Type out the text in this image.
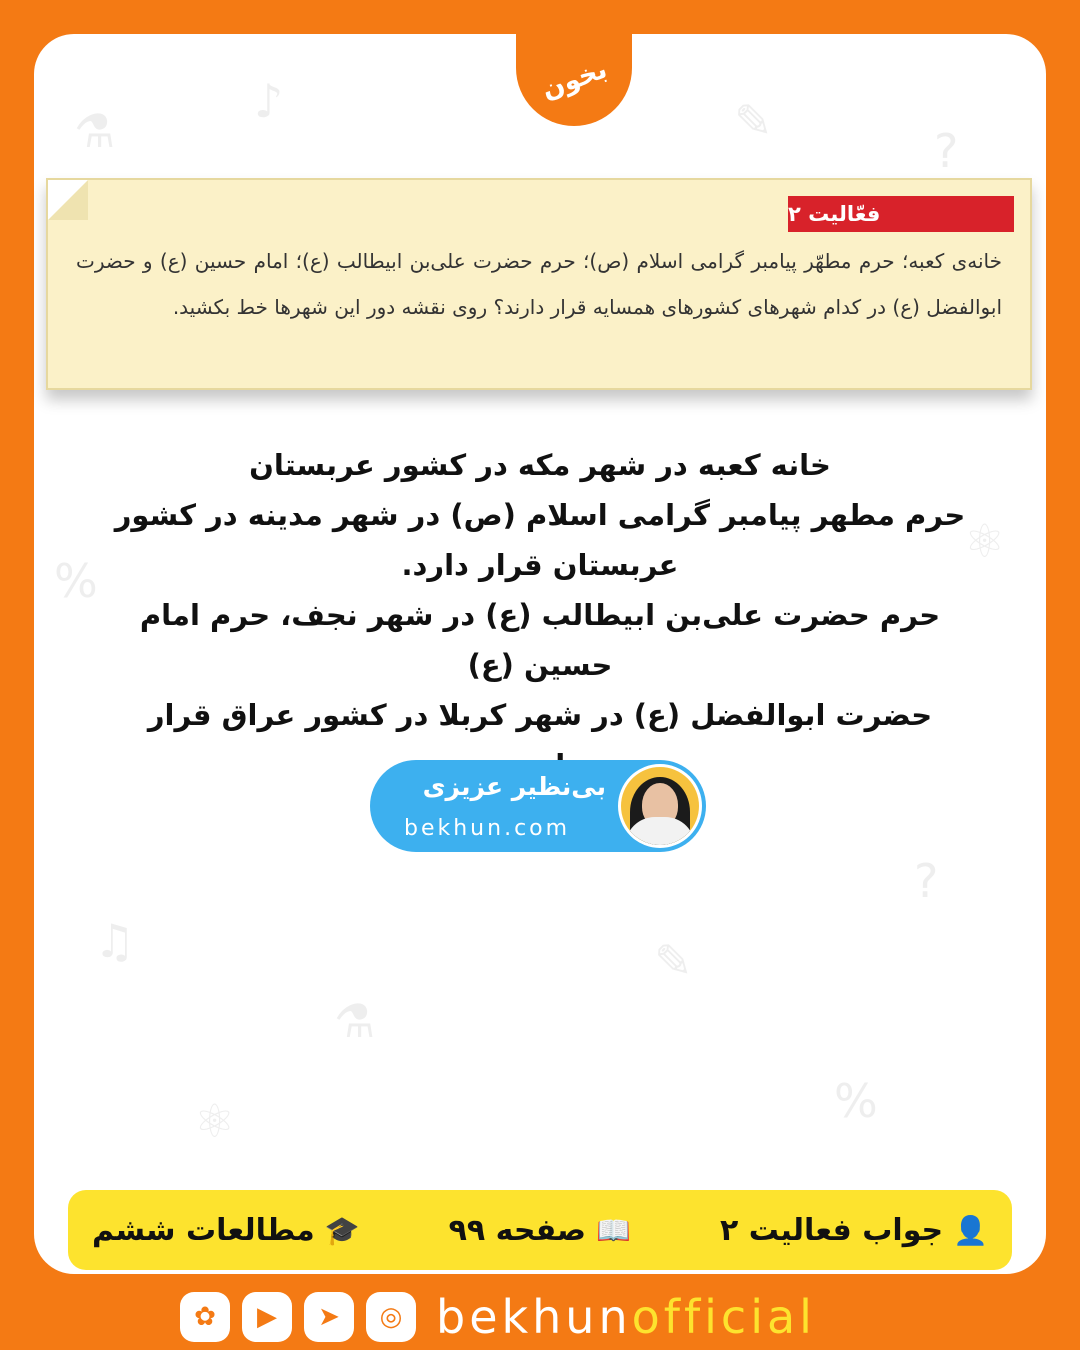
⚗
♪	✎
?
%
⚛
♫
⚗
✎
?
⚛	%
بخون
فعّالیت ۲
خانه‌ی کعبه؛ حرم مطهّر پیامبر گرامی اسلام (ص)؛ حرم حضرت علی‌بن ابیطالب (ع)؛ امام حسین (ع) و حضرت ابوالفضل (ع) در کدام شهرهای کشورهای همسایه قرار دارند؟ روی نقشه دور این شهرها خط بکشید.
خانه کعبه در شهر مکه در کشور عربستان
حرم مطهر پیامبر گرامی اسلام (ص) در شهر مدینه در کشور عربستان قرار دارد.
حرم حضرت علی‌بن ابیطالب (ع) در شهر نجف، حرم امام حسین (ع)
حضرت ابوالفضل (ع) در شهر کربلا در کشور عراق قرار
بی‌نظیر عزیزی
bekhun.com
👤
جواب فعالیت ۲
📖
صفحه ۹۹
🎓
مطالعات ششم
✿	▶	➤	◎ bekhunofficial
